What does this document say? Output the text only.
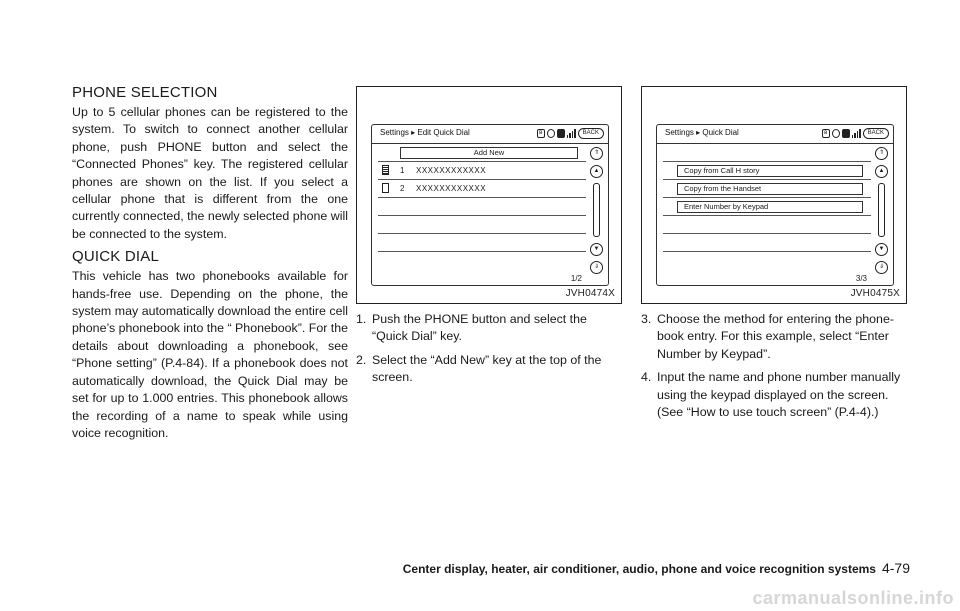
PHONE SELECTION

Up to 5 cellular phones can be registered to the system. To switch to connect another cellular phone, push PHONE button and select the “Connected Phones” key. The registered cellular phones are shown on the list. If you select a cellular phone that is different from the one currently connected, the newly selected phone will be connected to the system.

QUICK DIAL

This vehicle has two phonebooks available for hands-free use. Depending on the phone, the system may automatically download the entire cell phone’s phonebook into the “ Phonebook”. For the details about downloading a phonebook, see “Phone setting” (P.4-84). If a phonebook does not automatically download, the Quick Dial may be set for up to 1.000 entries. This phonebook allows the recording of a name to speak while using voice recognition.

Settings ▸ Edit Quick Dial	ʙ	BACK
Add New
1 XXXXXXXXXXXX
2 XXXXXXXXXXXX
⇑
▲
▼
⇓
1/2
JVH0474X
Settings ▸ Quick Dial	ʙ	BACK
Copy from Call H story
Copy from the Handset
Enter Number by Keypad
⇑
▲
▼
⇓
3/3
JVH0475X
1. Push the PHONE button and select the “Quick Dial” key.
2. Select the “Add New” key at the top of the screen.
3. Choose the method for entering the phone-book entry. For this example, select “Enter Number by Keypad”.
4. Input the name and phone number manually using the keypad displayed on the screen. (See “How to use touch screen” (P.4-4).)
Center display, heater, air conditioner, audio, phone and voice recognition systems 4-79
carmanualsonline.info
